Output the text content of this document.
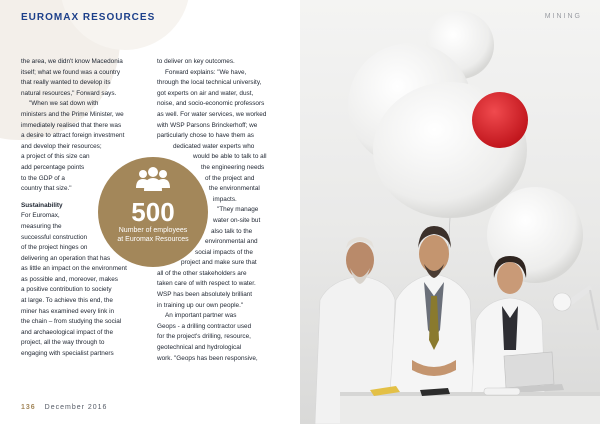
EUROMAX RESOURCES
the area, we didn't know Macedonia
itself; what we found was a country
that really wanted to develop its
natural resources," Forward says.
"When we sat down with
ministers and the Prime Minister, we
immediately realised that there was
a desire to attract foreign investment
and develop their resources;
a project of this size can
add percentage points
to the GDP of a
country that size."
Sustainability
For Euromax,
measuring the
successful construction
of the project hinges on
delivering an operation that has
as little an impact on the environment
as possible and, moreover, makes
a positive contribution to society
at large. To achieve this end, the
miner has examined every link in
the chain – from studying the social
and archaeological impact of the
project, all the way through to
engaging with specialist partners
to deliver on key outcomes.
Forward explains: "We have,
through the local technical university,
got experts on air and water, dust,
noise, and socio-economic professors
as well. For water services, we worked
with WSP Parsons Brinckerhoff; we
particularly chose to have them as
dedicated water experts who
would be able to talk to all
the engineering needs
of the project and
the environmental
impacts.
"They manage
water on-site but
also talk to the
environmental and
social impacts of the
project and make sure that
all of the other stakeholders are
taken care of with respect to water.
WSP has been absolutely brilliant
in training up our own people."
An important partner was
Geops - a drilling contractor used
for the project's drilling, resource,
geotechnical and hydrological
work. "Geops has been responsive,
500
Number of employees
at Euromax Resources
136 December 2016
MINING
